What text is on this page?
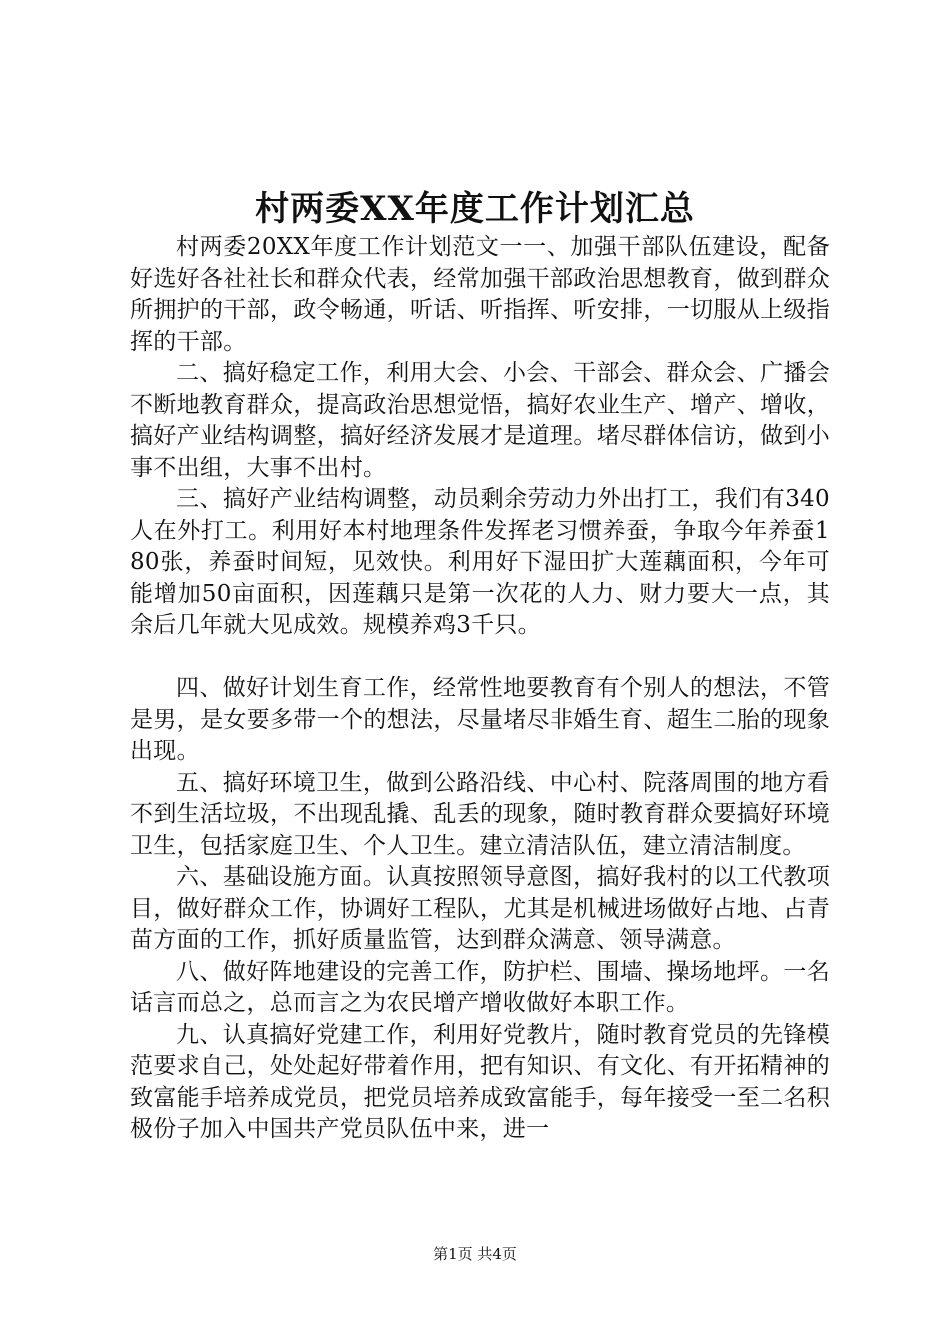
村两委XX年度工作计划汇总

村两委20XX年度工作计划范文一一、加强干部队伍建设，配备好选好各社社长和群众代表，经常加强干部政治思想教育，做到群众所拥护的干部，政令畅通，听话、听指挥、听安排，一切服从上级指挥的干部。

二、搞好稳定工作，利用大会、小会、干部会、群众会、广播会不断地教育群众，提高政治思想觉悟，搞好农业生产、增产、增收，搞好产业结构调整，搞好经济发展才是道理。堵尽群体信访，做到小事不出组，大事不出村。

三、搞好产业结构调整，动员剩余劳动力外出打工，我们有340人在外打工。利用好本村地理条件发挥老习惯养蚕，争取今年养蚕180张，养蚕时间短，见效快。利用好下湿田扩大莲藕面积，今年可能增加50亩面积，因莲藕只是第一次花的人力、财力要大一点，其余后几年就大见成效。规模养鸡3千只。

四、做好计划生育工作，经常性地要教育有个别人的想法，不管是男，是女要多带一个的想法，尽量堵尽非婚生育、超生二胎的现象出现。

五、搞好环境卫生，做到公路沿线、中心村、院落周围的地方看不到生活垃圾，不出现乱撬、乱丢的现象，随时教育群众要搞好环境卫生，包括家庭卫生、个人卫生。建立清洁队伍，建立清洁制度。

六、基础设施方面。认真按照领导意图，搞好我村的以工代教项目，做好群众工作，协调好工程队，尤其是机械进场做好占地、占青苗方面的工作，抓好质量监管，达到群众满意、领导满意。

八、做好阵地建设的完善工作，防护栏、围墙、操场地坪。一名话言而总之，总而言之为农民增产增收做好本职工作。

九、认真搞好党建工作，利用好党教片，随时教育党员的先锋模范要求自己，处处起好带着作用，把有知识、有文化、有开拓精神的致富能手培养成党员，把党员培养成致富能手，每年接受一至二名积极份子加入中国共产党员队伍中来，进一

第1页 共4页
